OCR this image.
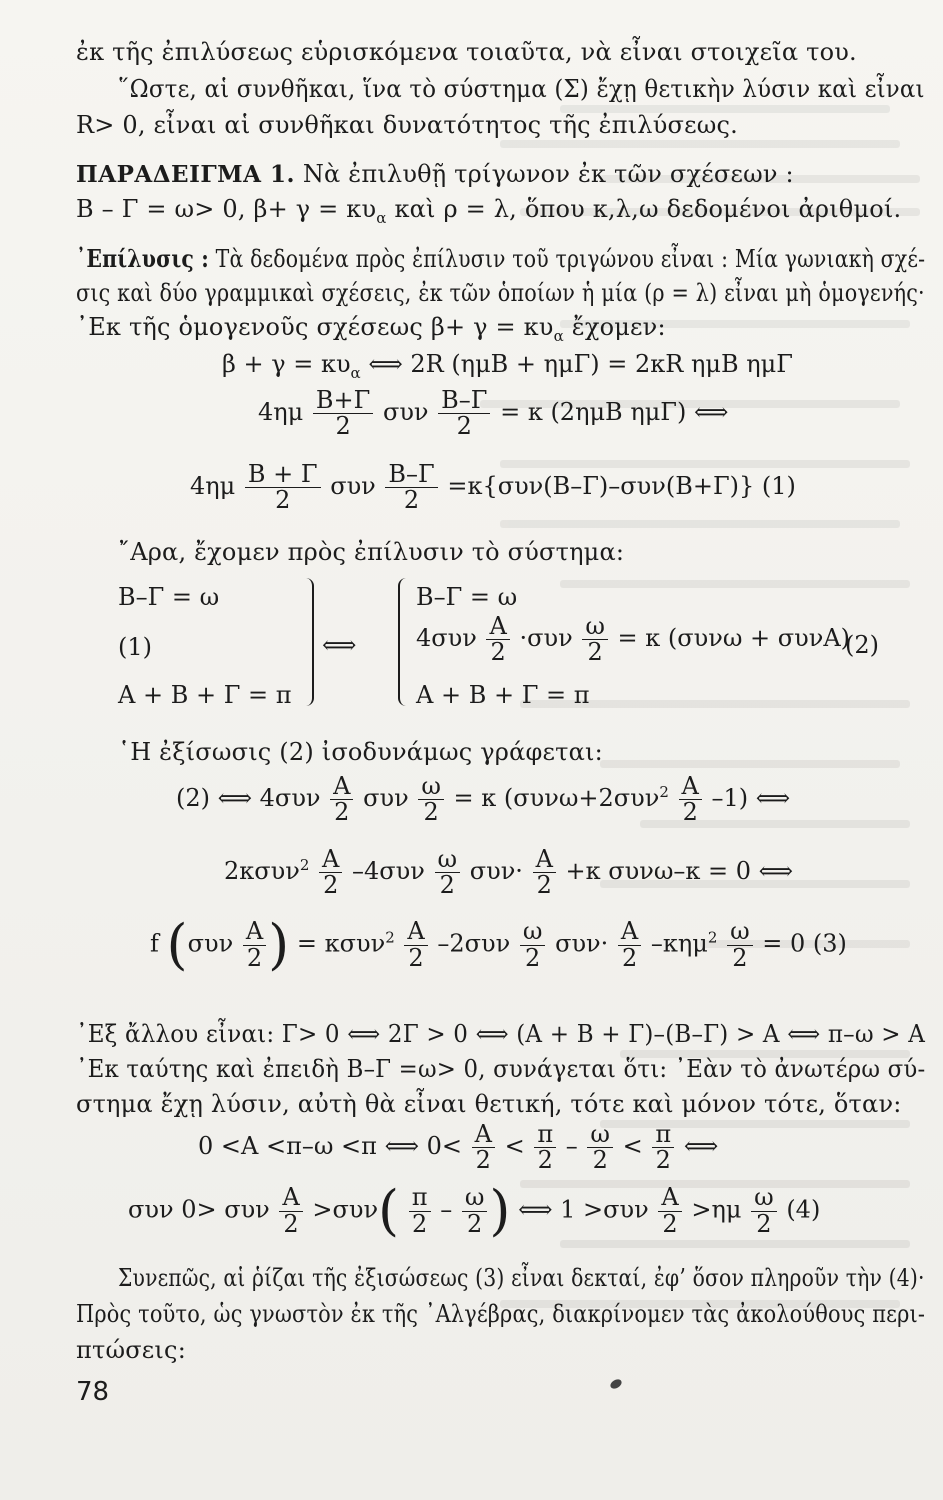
ἐκ τῆς ἐπιλύσεως εὑρισκόμενα τοιαῦτα, νὰ εἶναι στοιχεῖα του.
῞Ωστε, αἱ συνθῆκαι, ἵνα τὸ σύστημα (Σ) ἔχῃ θετικὴν λύσιν καὶ εἶναι
R> 0, εἶναι αἱ συνθῆκαι δυνατότητος τῆς ἐπιλύσεως.
ΠΑΡΑΔΕΙΓΜΑ 1. Νὰ ἐπιλυθῇ τρίγωνον ἐκ τῶν σχέσεων :
Β – Γ = ω> 0, $\beta+ \gamma = \kappa\upsilon_\alpha$ καὶ ρ = λ, ὅπου κ,λ,ω δεδομένοι ἀριθμοί.
᾿Επίλυσις : Τὰ δεδομένα πρὸς ἐπίλυσιν τοῦ τριγώνου εἶναι : Μία γωνιακὴ σχέ-
σις καὶ δύο γραμμικαὶ σχέσεις, ἐκ τῶν ὁποίων ἡ μία (ρ = λ) εἶναι μὴ ὁμογενής·
᾿Εκ τῆς ὁμογενοῦς σχέσεως $\beta+ \gamma = \kappa\upsilon_\alpha$ ἔχομεν:
$\beta + \gamma = \kappa\upsilon_\alpha$ ⟺ 2R (ημΒ + ημΓ) = 2κR ημΒ ημΓ
$4\eta\mu \frac{B+\Gamma}{2}$ συν $\frac{B-\Gamma}{2} = \kappa$ (2ημΒ ημΓ) ⟺
$4\eta\mu \frac{B + \Gamma}{2}$ συν $\frac{B-\Gamma}{2} =\kappa\{\sigma\upsilon\nu(B-\Gamma)-\sigma\upsilon\nu(B+\Gamma)\}$ (1)
῎Αρα, ἔχομεν πρὸς ἐπίλυσιν τὸ σύστημα:
Β–Γ = ω
(1)
Α + Β + Γ = π
⟺
Β–Γ = ω
$4\sigma\upsilon\nu \frac{A}{2} \cdot\sigma\upsilon\nu \frac{\omega}{2} = \kappa$ (συνω + συνΑ)
Α + Β + Γ = π
(2)
῾Η ἐξίσωσις (2) ἰσοδυνάμως γράφεται:
(2) ⟺ $4\sigma\upsilon\nu \frac{A}{2}$ συν $\frac{\omega}{2} = \kappa$ $(\sigma\upsilon\nu\omega+2\sigma\upsilon\nu^2 \frac{A}{2} -1)$ ⟺
$2\kappa\sigma\upsilon\nu^2 \frac{A}{2} -4\sigma\upsilon\nu \frac{\omega}{2} \sigma\upsilon\nu\cdot \frac{A}{2} +\kappa$ συνω–κ = 0 ⟺
f ($\sigma\upsilon\nu \frac{A}{2}$ ) = $\kappa\sigma\upsilon\nu^2 \frac{A}{2} -2\sigma\upsilon\nu \frac{\omega}{2} \sigma\upsilon\nu\cdot \frac{A}{2} -\kappa\eta\mu^2 \frac{\omega}{2} = 0$ (3)
᾿Εξ ἄλλου εἶναι: Γ> 0 ⟺ 2Γ > 0 ⟺ (Α + Β + Γ)–(Β–Γ) > Α ⟺ π–ω > Α
᾿Εκ ταύτης καὶ ἐπειδὴ Β–Γ =ω> 0, συνάγεται ὅτι: ᾿Εὰν τὸ ἀνωτέρω σύ-
στημα ἔχῃ λύσιν, αὐτὴ θὰ εἶναι θετική, τότε καὶ μόνον τότε, ὅταν:
0 <Α <π–ω <π ⟺ $0< \frac{A}{2} < \frac{\pi}{2} - \frac{\omega}{2} < \frac{\pi}{2}$ ⟺
συν 0> συν $\frac{A}{2} >\sigma\upsilon\nu( \frac{\pi}{2} - \frac{\omega}{2}$ ) ⟺ $1 >\sigma\upsilon\nu \frac{A}{2} >\eta\mu \frac{\omega}{2} (4)$
Συνεπῶς, αἱ ῥίζαι τῆς ἐξισώσεως (3) εἶναι δεκταί, ἐφ’ ὅσον πληροῦν τὴν (4)·
Πρὸς τοῦτο, ὡς γνωστὸν ἐκ τῆς ᾿Αλγέβρας, διακρίνομεν τὰς ἀκολούθους περι-
πτώσεις:
78
